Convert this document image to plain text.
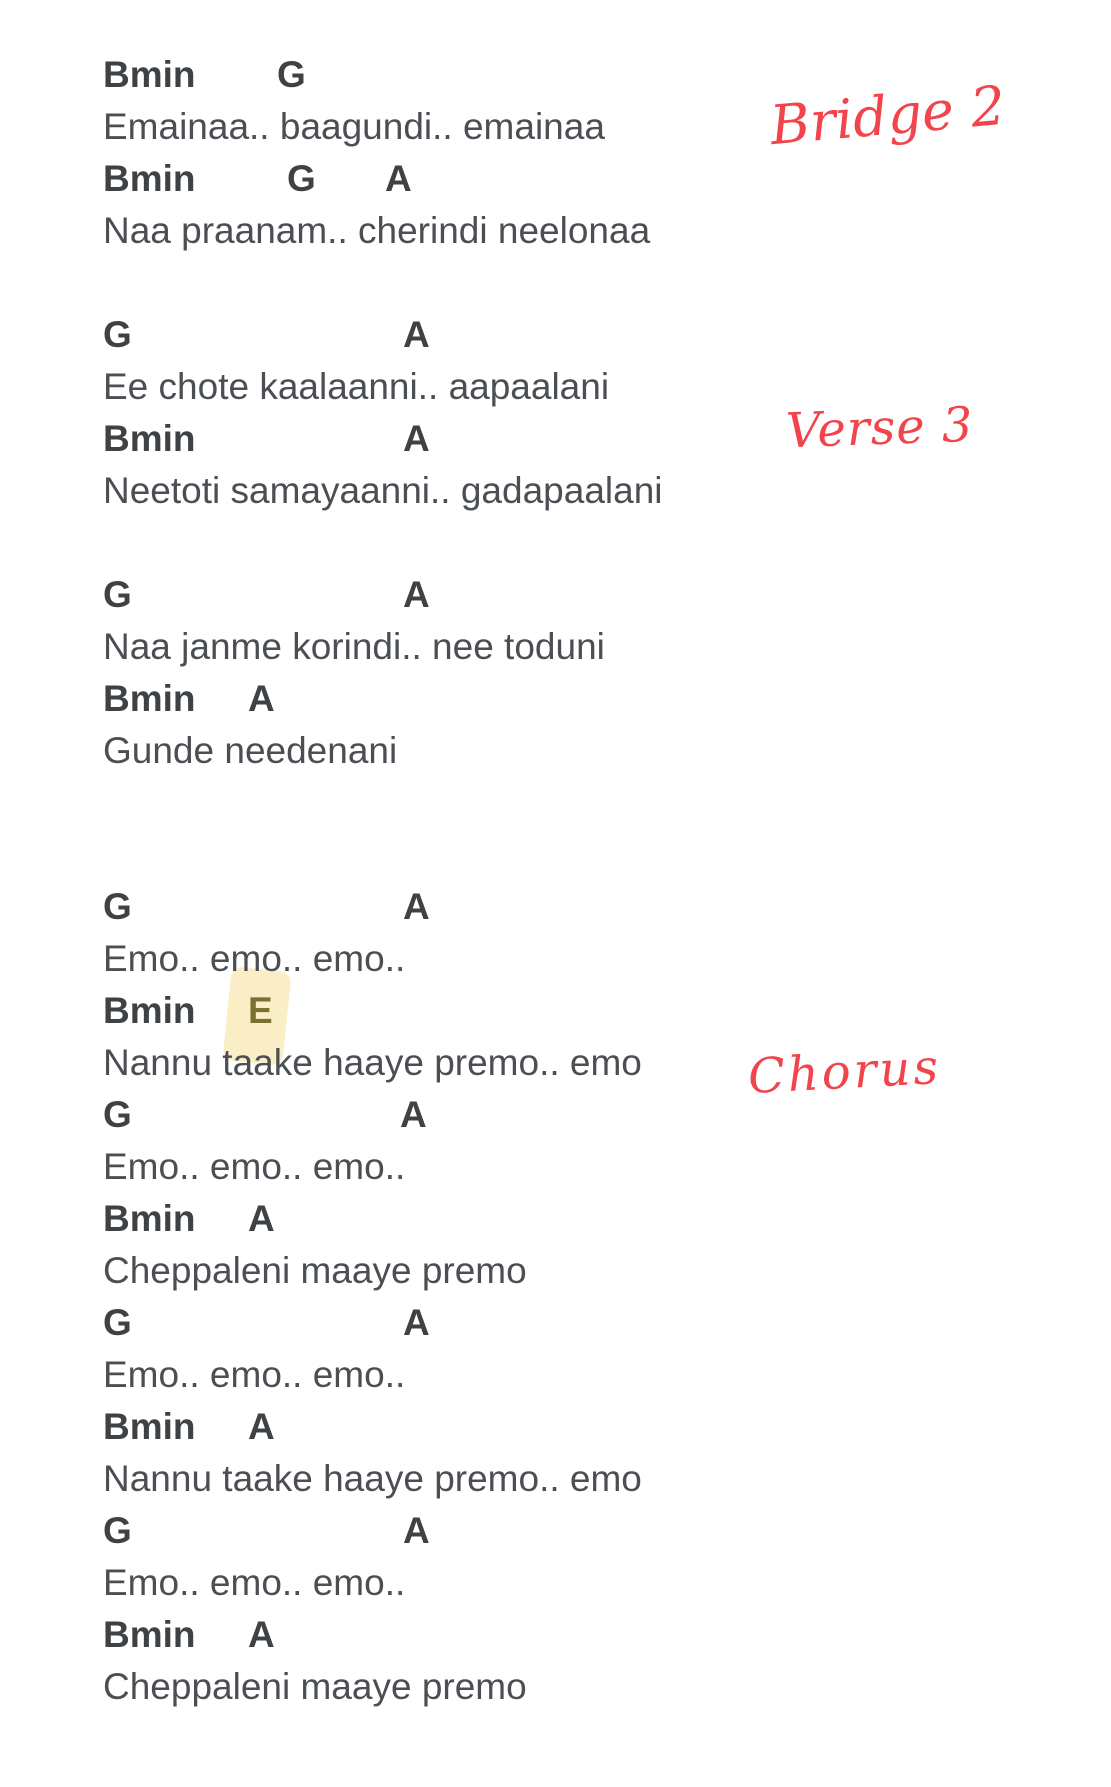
Bmin G
Emainaa.. baagundi.. emainaa
Bmin G A
Naa praanam.. cherindi neelonaa
G	A
Ee chote kaalaanni.. aapaalani
Bmin	A
Neetoti samayaanni.. gadapaalani
G	A
Naa janme korindi.. nee toduni
Bmin A
Gunde needenani
G	A
Emo.. emo.. emo..
Bmin E
Nannu taake haaye premo.. emo
G	A
Emo.. emo.. emo..
Bmin A
Cheppaleni maaye premo
G	A
Emo.. emo.. emo..
Bmin A
Nannu taake haaye premo.. emo
G	A
Emo.. emo.. emo..
Bmin A
Cheppaleni maaye premo
Bridge 2
Verse 3
Chorus
